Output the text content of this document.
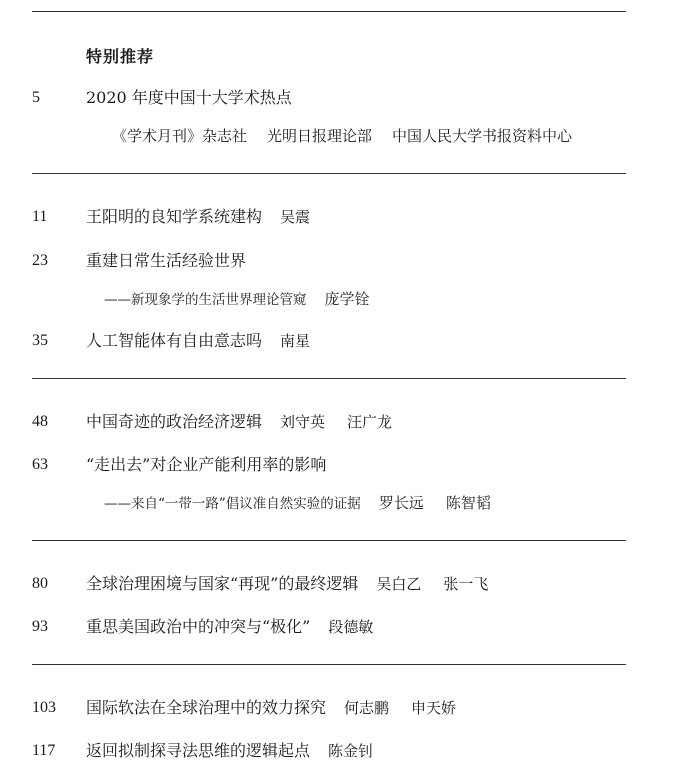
特别推荐
5	2020 年度中国十大学术热点
《学术月刊》杂志社 光明日报理论部 中国人民大学书报资料中心
11 王阳明的良知学系统建构 吴震
23 重建日常生活经验世界
——新现象学的生活世界理论管窥 庞学铨
35 人工智能体有自由意志吗 南星
48 中国奇迹的政治经济逻辑 刘守英 汪广龙
63 “走出去”对企业产能利用率的影响
——来自“一带一路”倡议准自然实验的证据 罗长远 陈智韬
80 全球治理困境与国家“再现”的最终逻辑 吴白乙 张一飞
93 重思美国政治中的冲突与“极化” 段德敏
103 国际软法在全球治理中的效力探究 何志鹏 申天娇
117 返回拟制探寻法思维的逻辑起点 陈金钊
